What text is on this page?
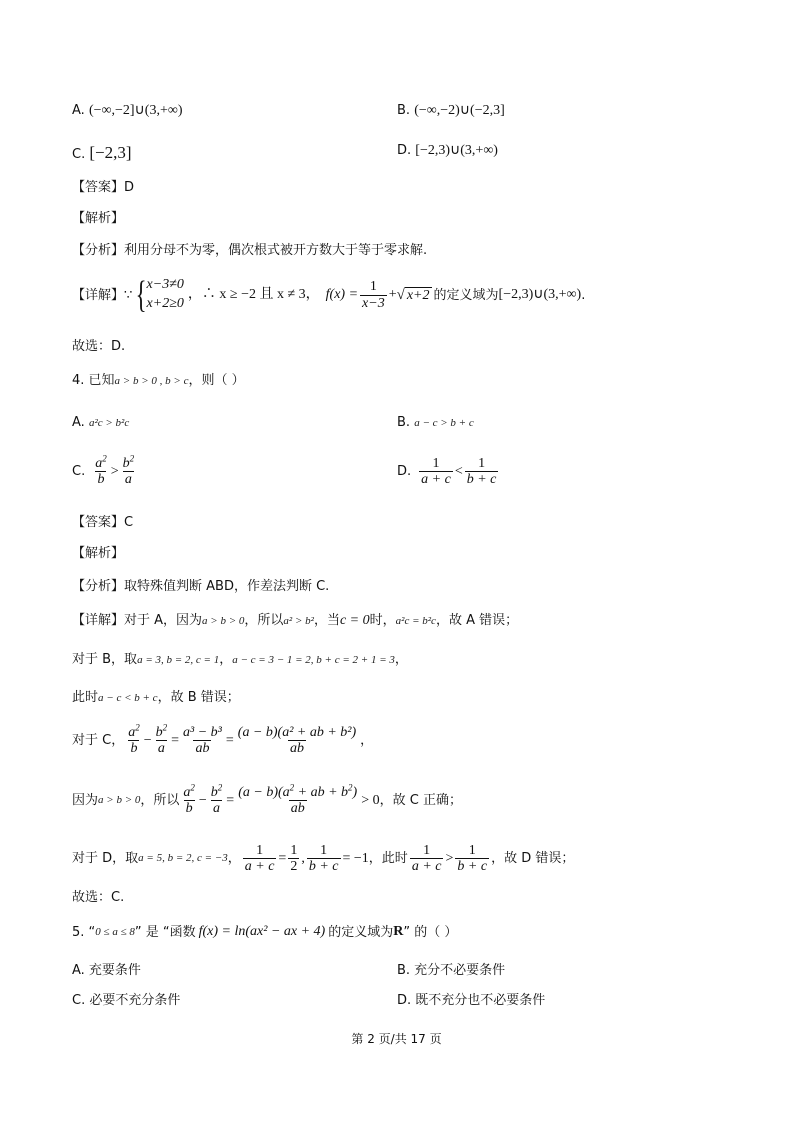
A. (−∞,−2]∪(3,+∞)	B. (−∞,−2)∪(−2,3]
C. [−2,3]	D. [−2,3)∪(3,+∞)
【答案】D
【解析】
【分析】利用分母不为零，偶次根式被开方数大于等于零求解.
【详解】∵ { x−3≠0
x+2≥0
，∴ x ≥ −2 且 x ≠ 3， $f(x) = \frac{1}{x-3}$ + √ x+2 的定义域为 [−2,3)∪(3,+∞) .
故选：D.
4. 已知a > b > 0 , b > c，则（ ）
A. a²c > b²c	B. a − c > b + c
C. $\frac{a^2}{b} > \frac{b^2}{a}$	D. $\frac{1}{a + c} < \frac{1}{b + c}$
【答案】C
【解析】
【分析】取特殊值判断 ABD，作差法判断 C.
【详解】对于 A，因为a > b > 0，所以a² > b²，当c = 0时，a²c = b²c，故 A 错误；
对于 B，取a = 3, b = 2, c = 1，a − c = 3 − 1 = 2, b + c = 2 + 1 = 3，
此时a − c < b + c，故 B 错误；
对于 C， $\frac{a^2}{b} - \frac{b^2}{a} = \frac{\text{a³ − b³}}{ab} = \frac{\text{(a − b)(a² + ab + b²)}}{ab}$ ，
因为 a > b > 0 ，所以 $\frac{a^2}{b} - \frac{b^2}{a} = \frac{(a - b)(a^2 + ab + b^2)}{ab} > 0$ ，故 C 正确；
对于 D，取 a = 5, b = 2, c = −3 ， $\frac{1}{a + c} = \frac{1}{2}$ , $\frac{1}{b + c} = -1$ ，此时 $\frac{1}{a + c} > \frac{1}{b + c}$ ，故 D 错误；
故选：C.
5. “ 0 ≤ a ≤ 8 ” 是 “函数 f(x) = ln(ax² − ax + 4) 的定义域为 R ” 的（ ）
A. 充要条件	B. 充分不必要条件
C. 必要不充分条件	D. 既不充分也不必要条件
第 2 页/共 17 页
